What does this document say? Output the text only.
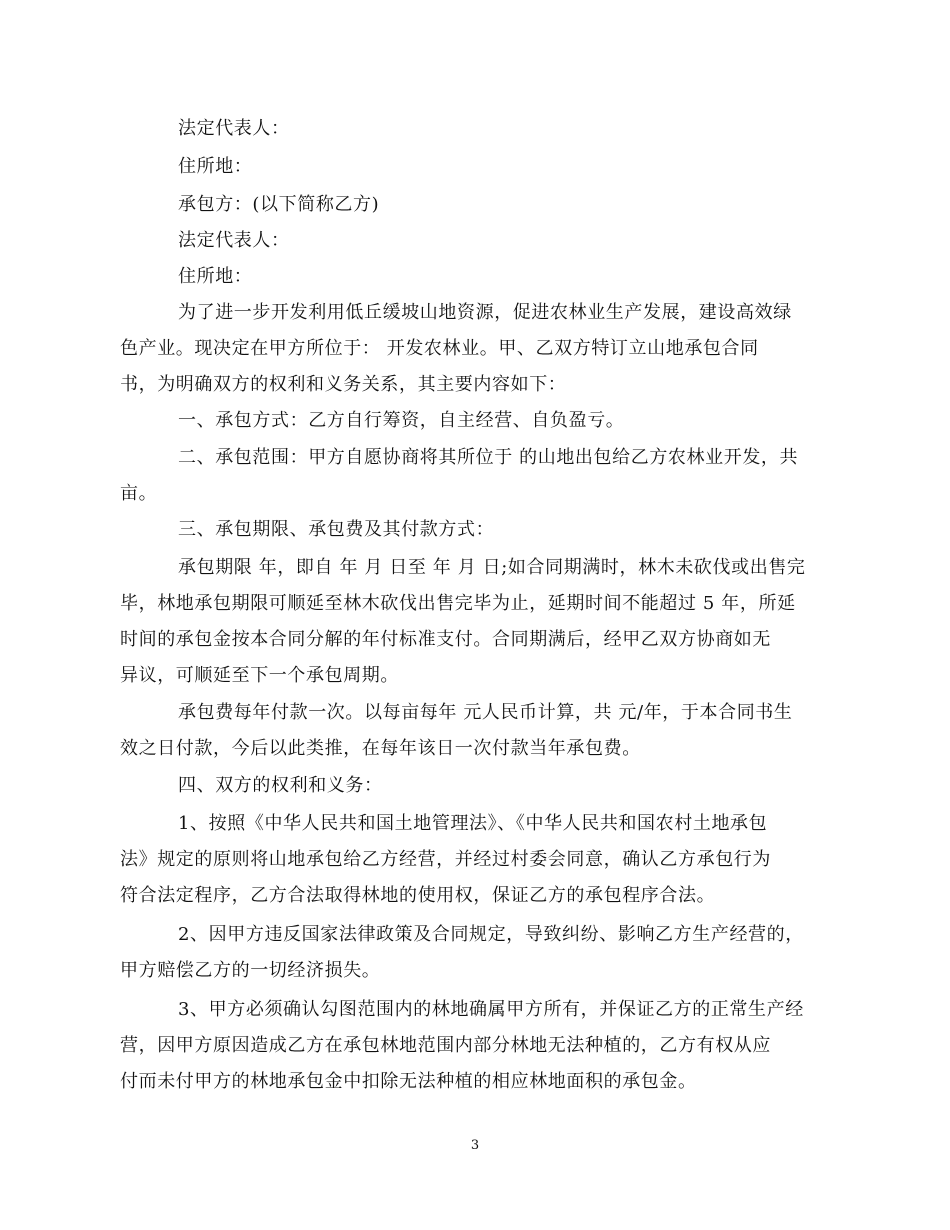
法定代表人：
住所地：
承包方：(以下简称乙方)
法定代表人：
住所地：
为了进一步开发利用低丘缓坡山地资源，促进农林业生产发展，建设高效绿
色产业。现决定在甲方所位于： 开发农林业。甲、乙双方特订立山地承包合同
书，为明确双方的权利和义务关系，其主要内容如下：
一、承包方式：乙方自行筹资，自主经营、自负盈亏。
二、承包范围：甲方自愿协商将其所位于 的山地出包给乙方农林业开发，共
亩。
三、承包期限、承包费及其付款方式：
承包期限 年，即自 年 月 日至 年 月 日;如合同期满时，林木未砍伐或出售完
毕，林地承包期限可顺延至林木砍伐出售完毕为止，延期时间不能超过 5 年，所延
时间的承包金按本合同分解的年付标准支付。合同期满后，经甲乙双方协商如无
异议，可顺延至下一个承包周期。
承包费每年付款一次。以每亩每年 元人民币计算，共 元/年，于本合同书生
效之日付款，今后以此类推，在每年该日一次付款当年承包费。
四、双方的权利和义务：
1、按照《中华人民共和国土地管理法》、《中华人民共和国农村土地承包
法》规定的原则将山地承包给乙方经营，并经过村委会同意，确认乙方承包行为
符合法定程序，乙方合法取得林地的使用权，保证乙方的承包程序合法。
2、因甲方违反国家法律政策及合同规定，导致纠纷、影响乙方生产经营的，
甲方赔偿乙方的一切经济损失。
3、甲方必须确认勾图范围内的林地确属甲方所有，并保证乙方的正常生产经
营，因甲方原因造成乙方在承包林地范围内部分林地无法种植的，乙方有权从应
付而未付甲方的林地承包金中扣除无法种植的相应林地面积的承包金。
3
